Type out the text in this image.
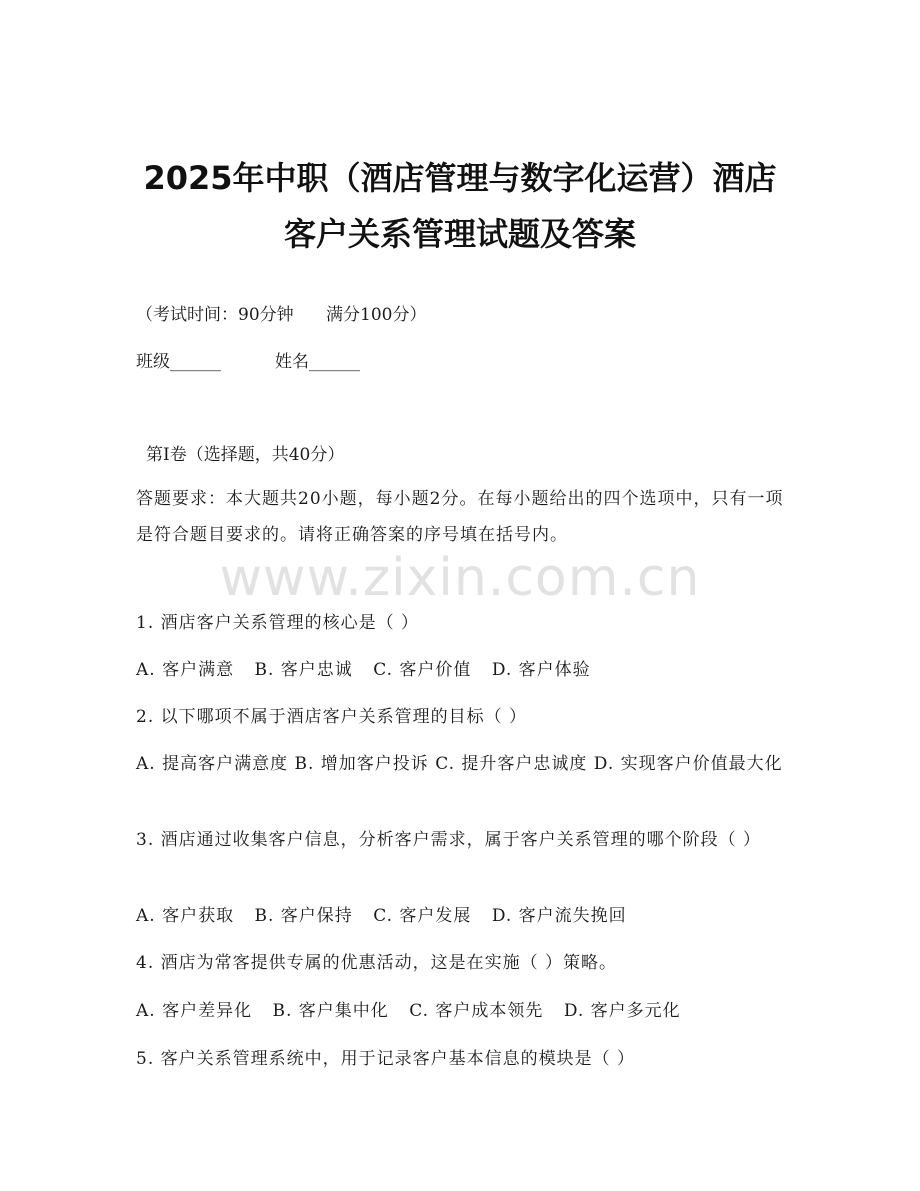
2025年中职（酒店管理与数字化运营）酒店
客户关系管理试题及答案

（考试时间：90分钟      满分100分）

班级______	姓名______

第I卷（选择题，共40分）

答题要求：本大题共20小题，每小题2分。在每小题给出的四个选项中，只有一项是符合题目要求的。请将正确答案的序号填在括号内。

www.zixin.com.cn

1. 酒店客户关系管理的核心是（ ）

A. 客户满意 B. 客户忠诚 C. 客户价值 D. 客户体验

2. 以下哪项不属于酒店客户关系管理的目标（ ）

A. 提高客户满意度 B. 增加客户投诉 C. 提升客户忠诚度 D. 实现客户价值最大化

3. 酒店通过收集客户信息，分析客户需求，属于客户关系管理的哪个阶段（ ）

A. 客户获取 B. 客户保持 C. 客户发展 D. 客户流失挽回

4. 酒店为常客提供专属的优惠活动，这是在实施（ ）策略。

A. 客户差异化 B. 客户集中化 C. 客户成本领先 D. 客户多元化

5. 客户关系管理系统中，用于记录客户基本信息的模块是（ ）
